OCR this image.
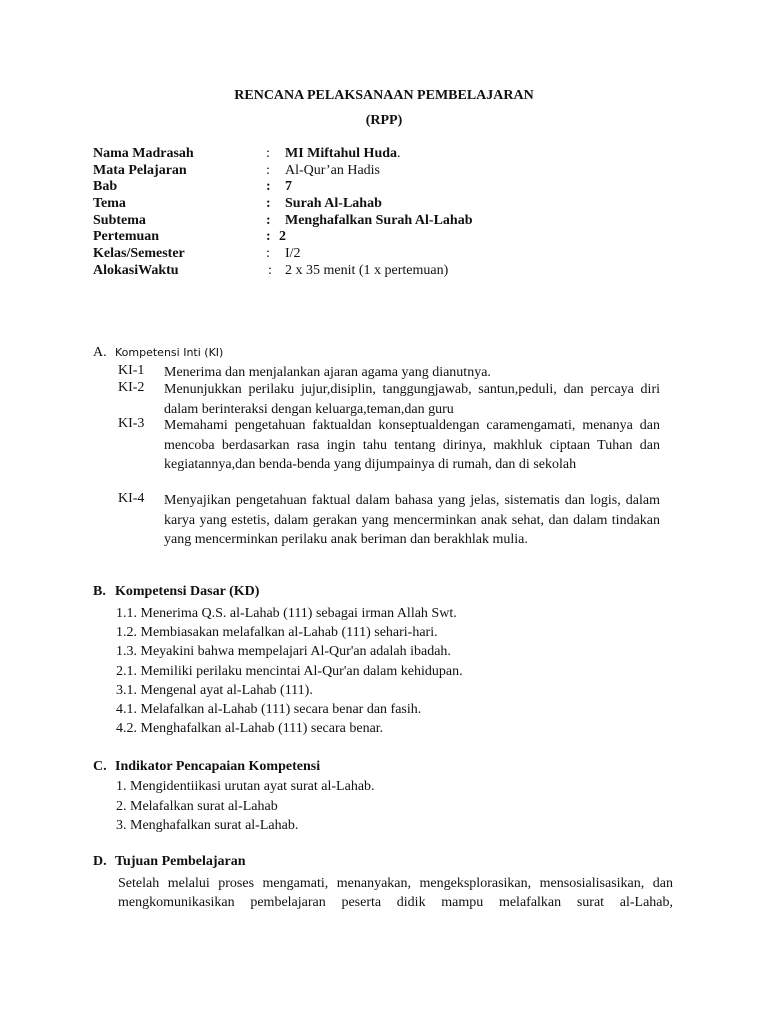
RENCANA PELAKSANAAN PEMBELAJARAN
(RPP)
Nama Madrasah	: MI Miftahul Huda.
Mata Pelajaran	: Al-Qur’an Hadis
Bab	: 7
Tema	: Surah Al-Lahab
Subtema	: Menghafalkan Surah Al-Lahab
Pertemuan	: 2
Kelas/Semester	: I/2
AlokasiWaktu	: 2 x 35 menit (1 x pertemuan)
A. Kompetensi Inti (KI)
KI-1 Menerima dan menjalankan ajaran agama yang dianutnya.
KI-2 Menunjukkan perilaku jujur,disiplin, tanggungjawab, santun,peduli, dan percaya diri dalam berinteraksi dengan keluarga,teman,dan guru
KI-3 Memahami pengetahuan faktualdan konseptualdengan caramengamati, menanya dan mencoba berdasarkan rasa ingin tahu tentang dirinya, makhluk ciptaan Tuhan dan kegiatannya,dan benda-benda yang dijumpainya di rumah, dan di sekolah
KI-4 Menyajikan pengetahuan faktual dalam bahasa yang jelas, sistematis dan logis, dalam karya yang estetis, dalam gerakan yang mencerminkan anak sehat, dan dalam tindakan yang mencerminkan perilaku anak beriman dan berakhlak mulia.
B. Kompetensi Dasar (KD)
1.1. Menerima Q.S. al-Lahab (111) sebagai irman Allah Swt.
1.2. Membiasakan melafalkan al-Lahab (111) sehari-hari.
1.3. Meyakini bahwa mempelajari Al-Qur'an adalah ibadah.
2.1. Memiliki perilaku mencintai Al-Qur'an dalam kehidupan.
3.1. Mengenal ayat al-Lahab (111).
4.1. Melafalkan al-Lahab (111) secara benar dan fasih.
4.2. Menghafalkan al-Lahab (111) secara benar.
C. Indikator Pencapaian Kompetensi
1. Mengidentiikasi urutan ayat surat al-Lahab.
2. Melafalkan surat al-Lahab
3. Menghafalkan surat al-Lahab.
D. Tujuan Pembelajaran
Setelah melalui proses mengamati, menanyakan, mengeksplorasikan, mensosialisasikan, dan mengkomunikasikan pembelajaran peserta didik mampu melafalkan surat al-Lahab,
